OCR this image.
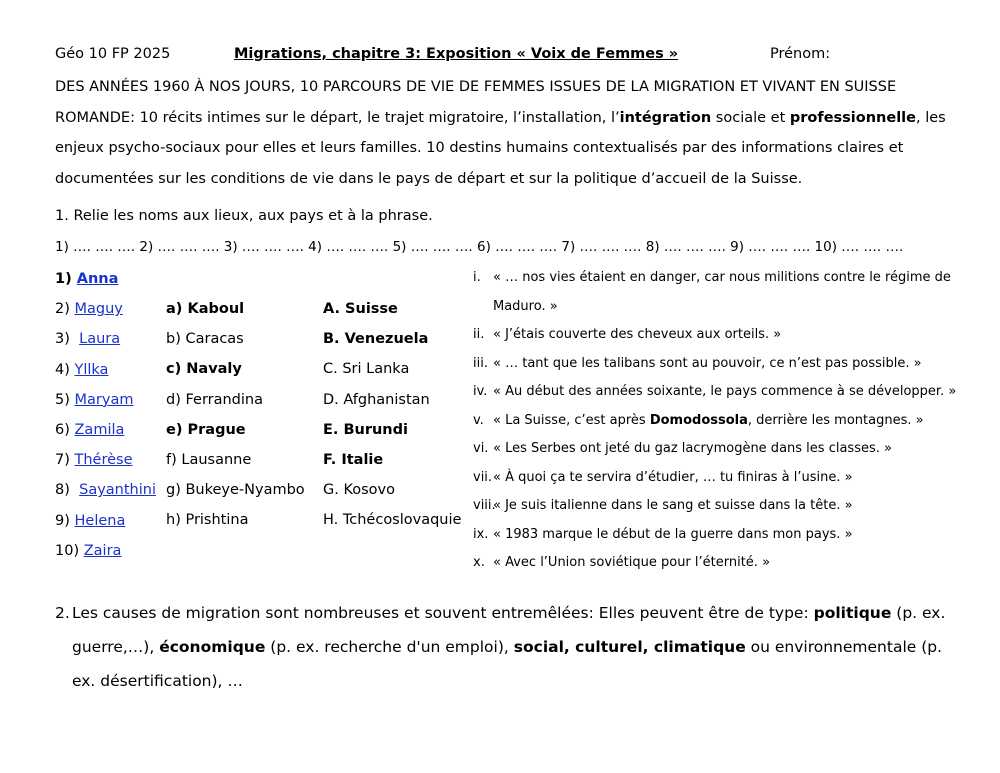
Géo 10 FP 2025	Migrations, chapitre 3: Exposition « Voix de Femmes »	Prénom:
DES ANNÉES 1960 À NOS JOURS, 10 PARCOURS DE VIE DE FEMMES ISSUES DE LA MIGRATION ET VIVANT EN SUISSE ROMANDE: 10 récits intimes sur le départ, le trajet migratoire, l’installation, l’intégration sociale et professionnelle, les enjeux psycho-sociaux pour elles et leurs familles. 10 destins humains contextualisés par des informations claires et documentées sur les conditions de vie dans le pays de départ et sur la politique d’accueil de la Suisse.
1. Relie les noms aux lieux, aux pays et à la phrase.
1) …. …. …. 2) …. …. …. 3) …. …. …. 4) …. …. …. 5) …. …. …. 6) …. …. …. 7) …. …. …. 8) …. …. …. 9) …. …. …. 10) …. …. ….
1) Anna
2) Maguy
3)  Laura
4) Yllka
5) Maryam
6) Zamila
7) Thérèse
8)  Sayanthini
9) Helena
10) Zaira
a) Kaboul
b) Caracas
c) Navaly
d) Ferrandina
e) Prague
f) Lausanne
g) Bukeye-Nyambo
h) Prishtina
A. Suisse
B. Venezuela
C. Sri Lanka
D. Afghanistan
E. Burundi
F. Italie
G. Kosovo
H. Tchécoslovaquie
i. « … nos vies étaient en danger, car nous militions contre le régime de
Maduro. »
ii. « J’étais couverte des cheveux aux orteils. »
iii. « … tant que les talibans sont au pouvoir, ce n’est pas possible. »
iv. « Au début des années soixante, le pays commence à se développer. »
v. « La Suisse, c’est après Domodossola, derrière les montagnes. »
vi. « Les Serbes ont jeté du gaz lacrymogène dans les classes. »
vii. « À quoi ça te servira d’étudier, … tu finiras à l’usine. »
viii.
« Je suis italienne dans le sang et suisse dans la tête. »
ix. « 1983 marque le début de la guerre dans mon pays. »
x. « Avec l’Union soviétique pour l’éternité. »
2. Les causes de migration sont nombreuses et souvent entremêlées: Elles peuvent être de type: politique (p. ex. guerre,…), économique (p. ex. recherche d'un emploi), social, culturel, climatique ou environnementale (p. ex. désertification), …
